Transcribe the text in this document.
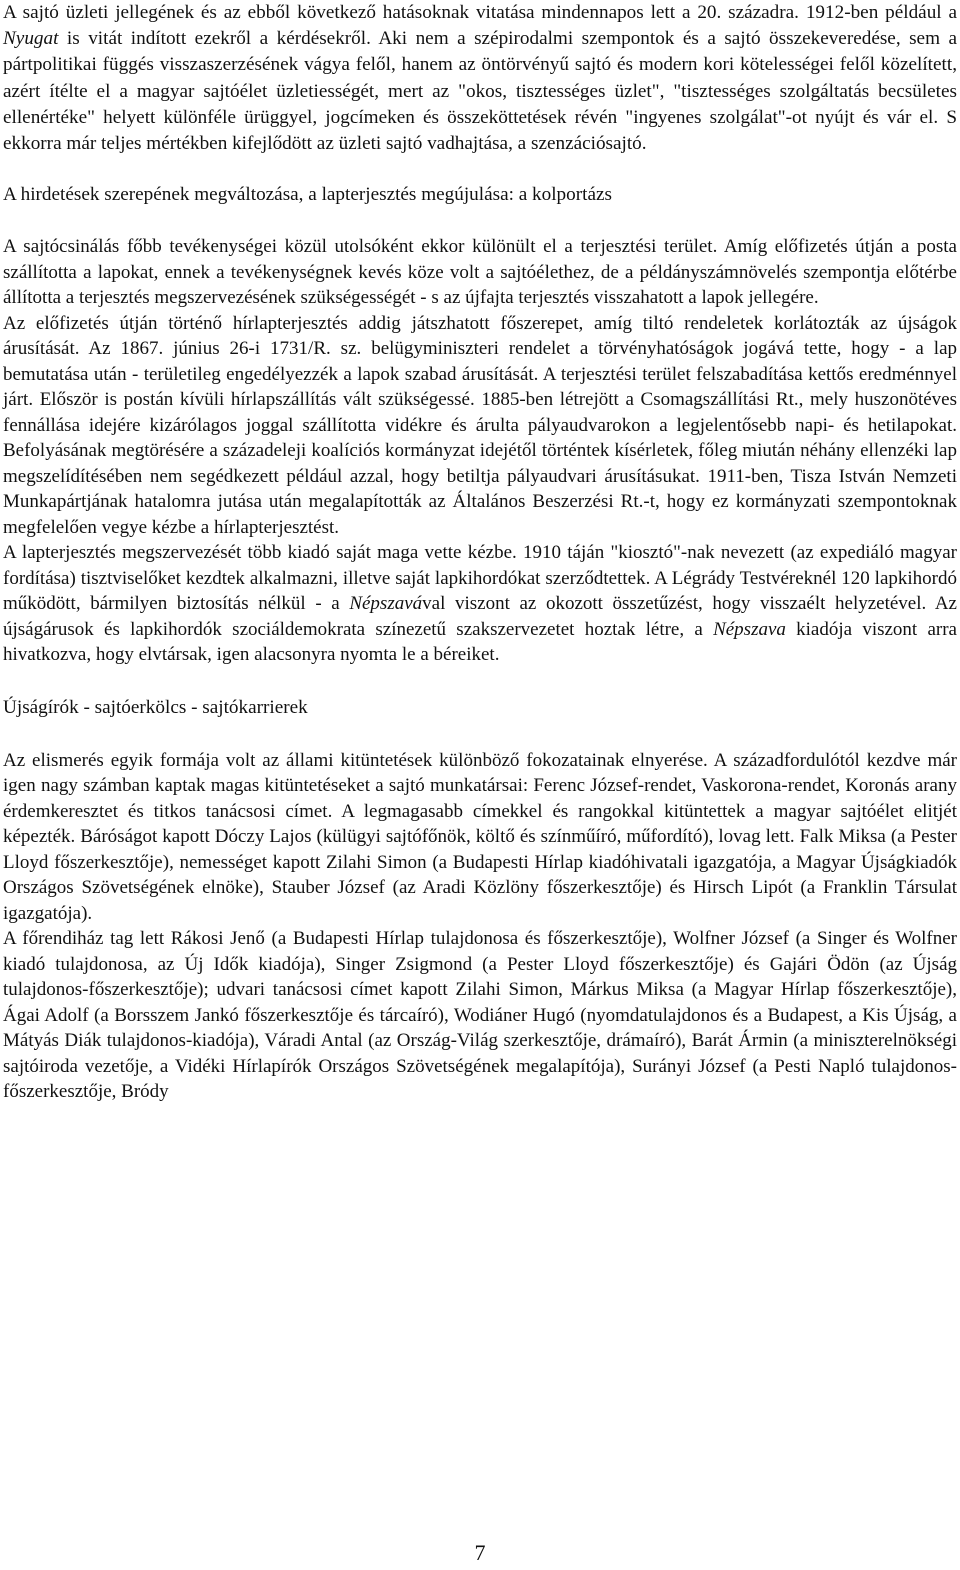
A sajtó üzleti jellegének és az ebből következő hatásoknak vitatása mindennapos lett a 20. századra. 1912-ben például a Nyugat is vitát indított ezekről a kérdésekről. Aki nem a szépirodalmi szempontok és a sajtó összekeveredése, sem a pártpolitikai függés visszaszerzésének vágya felől, hanem az öntörvényű sajtó és modern kori kötelességei felől közelített, azért ítélte el a magyar sajtóélet üzletiességét, mert az "okos, tisztességes üzlet", "tisztességes szolgáltatás becsületes ellenértéke" helyett különféle ürüggyel, jogcímeken és összeköttetések révén "ingyenes szolgálat"-ot nyújt és vár el. S ekkorra már teljes mértékben kifejlődött az üzleti sajtó vadhajtása, a szenzációsajtó.

A hirdetések szerepének megváltozása, a lapterjesztés megújulása: a kolportázs

A sajtócsinálás főbb tevékenységei közül utolsóként ekkor különült el a terjesztési terület. Amíg előfizetés útján a posta szállította a lapokat, ennek a tevékenységnek kevés köze volt a sajtóélethez, de a példányszámnövelés szempontja előtérbe állította a terjesztés megszervezésének szükségességét - s az újfajta terjesztés visszahatott a lapok jellegére.

Az előfizetés útján történő hírlapterjesztés addig játszhatott főszerepet, amíg tiltó rendeletek korlátozták az újságok árusítását. Az 1867. június 26-i 1731/R. sz. belügyminiszteri rendelet a törvényhatóságok jogává tette, hogy - a lap bemutatása után - területileg engedélyezzék a lapok szabad árusítását. A terjesztési terület felszabadítása kettős eredménnyel járt. Először is postán kívüli hírlapszállítás vált szükségessé. 1885-ben létrejött a Csomagszállítási Rt., mely huszonötéves fennállása idejére kizárólagos joggal szállította vidékre és árulta pályaudvarokon a legjelentősebb napi- és hetilapokat. Befolyásának megtörésére a századeleji koalíciós kormányzat idejétől történtek kísérletek, főleg miután néhány ellenzéki lap megszelídítésében nem segédkezett például azzal, hogy betiltja pályaudvari árusításukat. 1911-ben, Tisza István Nemzeti Munkapártjának hatalomra jutása után megalapították az Általános Beszerzési Rt.-t, hogy ez kormányzati szempontoknak megfelelően vegye kézbe a hírlapterjesztést.

A lapterjesztés megszervezését több kiadó saját maga vette kézbe. 1910 táján "kiosztó"-nak nevezett (az expediáló magyar fordítása) tisztviselőket kezdtek alkalmazni, illetve saját lapkihordókat szerződtettek. A Légrády Testvéreknél 120 lapkihordó működött, bármilyen biztosítás nélkül - a Népszavával viszont az okozott összetűzést, hogy visszaélt helyzetével. Az újságárusok és lapkihordók szociáldemokrata színezetű szakszervezetet hoztak létre, a Népszava kiadója viszont arra hivatkozva, hogy elvtársak, igen alacsonyra nyomta le a béreiket.

Újságírók - sajtóerkölcs - sajtókarrierek

Az elismerés egyik formája volt az állami kitüntetések különböző fokozatainak elnyerése. A századfordulótól kezdve már igen nagy számban kaptak magas kitüntetéseket a sajtó munkatársai: Ferenc József-rendet, Vaskorona-rendet, Koronás arany érdemkeresztet és titkos tanácsosi címet. A legmagasabb címekkel és rangokkal kitüntettek a magyar sajtóélet elitjét képezték. Báróságot kapott Dóczy Lajos (külügyi sajtófőnök, költő és színműíró, műfordító), lovag lett. Falk Miksa (a Pester Lloyd főszerkesztője), nemességet kapott Zilahi Simon (a Budapesti Hírlap kiadóhivatali igazgatója, a Magyar Újságkiadók Országos Szövetségének elnöke), Stauber József (az Aradi Közlöny főszerkesztője) és Hirsch Lipót (a Franklin Társulat igazgatója).

A főrendiház tag lett Rákosi Jenő (a Budapesti Hírlap tulajdonosa és főszerkesztője), Wolfner József (a Singer és Wolfner kiadó tulajdonosa, az Új Idők kiadója), Singer Zsigmond (a Pester Lloyd főszerkesztője) és Gajári Ödön (az Újság tulajdonos-főszerkesztője); udvari tanácsosi címet kapott Zilahi Simon, Márkus Miksa (a Magyar Hírlap főszerkesztője), Ágai Adolf (a Borsszem Jankó főszerkesztője és tárcaíró), Wodiáner Hugó (nyomdatulajdonos és a Budapest, a Kis Újság, a Mátyás Diák tulajdonos-kiadója), Váradi Antal (az Ország-Világ szerkesztője, drámaíró), Barát Ármin (a miniszterelnökségi sajtóiroda vezetője, a Vidéki Hírlapírók Országos Szövetségének megalapítója), Surányi József (a Pesti Napló tulajdonos-főszerkesztője, Bródy

7
